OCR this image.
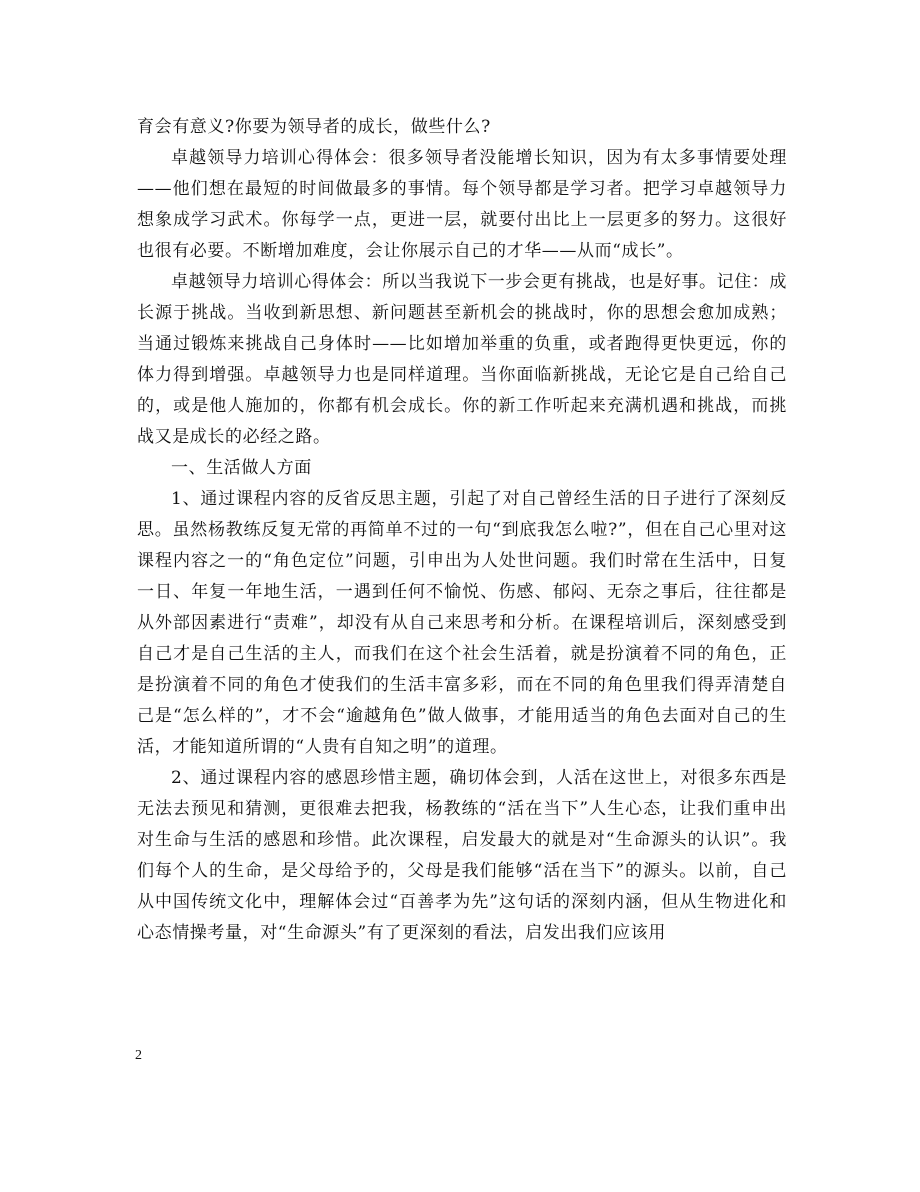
育会有意义?你要为领导者的成长，做些什么?

卓越领导力培训心得体会：很多领导者没能增长知识，因为有太多事情要处理——他们想在最短的时间做最多的事情。每个领导都是学习者。把学习卓越领导力想象成学习武术。你每学一点，更进一层，就要付出比上一层更多的努力。这很好也很有必要。不断增加难度，会让你展示自己的才华——从而“成长”。

卓越领导力培训心得体会：所以当我说下一步会更有挑战，也是好事。记住：成长源于挑战。当收到新思想、新问题甚至新机会的挑战时，你的思想会愈加成熟；当通过锻炼来挑战自己身体时——比如增加举重的负重，或者跑得更快更远，你的体力得到增强。卓越领导力也是同样道理。当你面临新挑战，无论它是自己给自己的，或是他人施加的，你都有机会成长。你的新工作听起来充满机遇和挑战，而挑战又是成长的必经之路。

一、生活做人方面

1、通过课程内容的反省反思主题，引起了对自己曾经生活的日子进行了深刻反思。虽然杨教练反复无常的再简单不过的一句“到底我怎么啦?”，但在自己心里对这课程内容之一的“角色定位”问题，引申出为人处世问题。我们时常在生活中，日复一日、年复一年地生活，一遇到任何不愉悦、伤感、郁闷、无奈之事后，往往都是从外部因素进行“责难”，却没有从自己来思考和分析。在课程培训后，深刻感受到自己才是自己生活的主人，而我们在这个社会生活着，就是扮演着不同的角色，正是扮演着不同的角色才使我们的生活丰富多彩，而在不同的角色里我们得弄清楚自己是“怎么样的”，才不会“逾越角色”做人做事，才能用适当的角色去面对自己的生活，才能知道所谓的“人贵有自知之明”的道理。

2、通过课程内容的感恩珍惜主题，确切体会到，人活在这世上，对很多东西是无法去预见和猜测，更很难去把我，杨教练的“活在当下”人生心态，让我们重申出对生命与生活的感恩和珍惜。此次课程，启发最大的就是对“生命源头的认识”。我们每个人的生命，是父母给予的，父母是我们能够“活在当下”的源头。以前，自己从中国传统文化中，理解体会过“百善孝为先”这句话的深刻内涵，但从生物进化和心态情操考量，对“生命源头”有了更深刻的看法，启发出我们应该用

2
